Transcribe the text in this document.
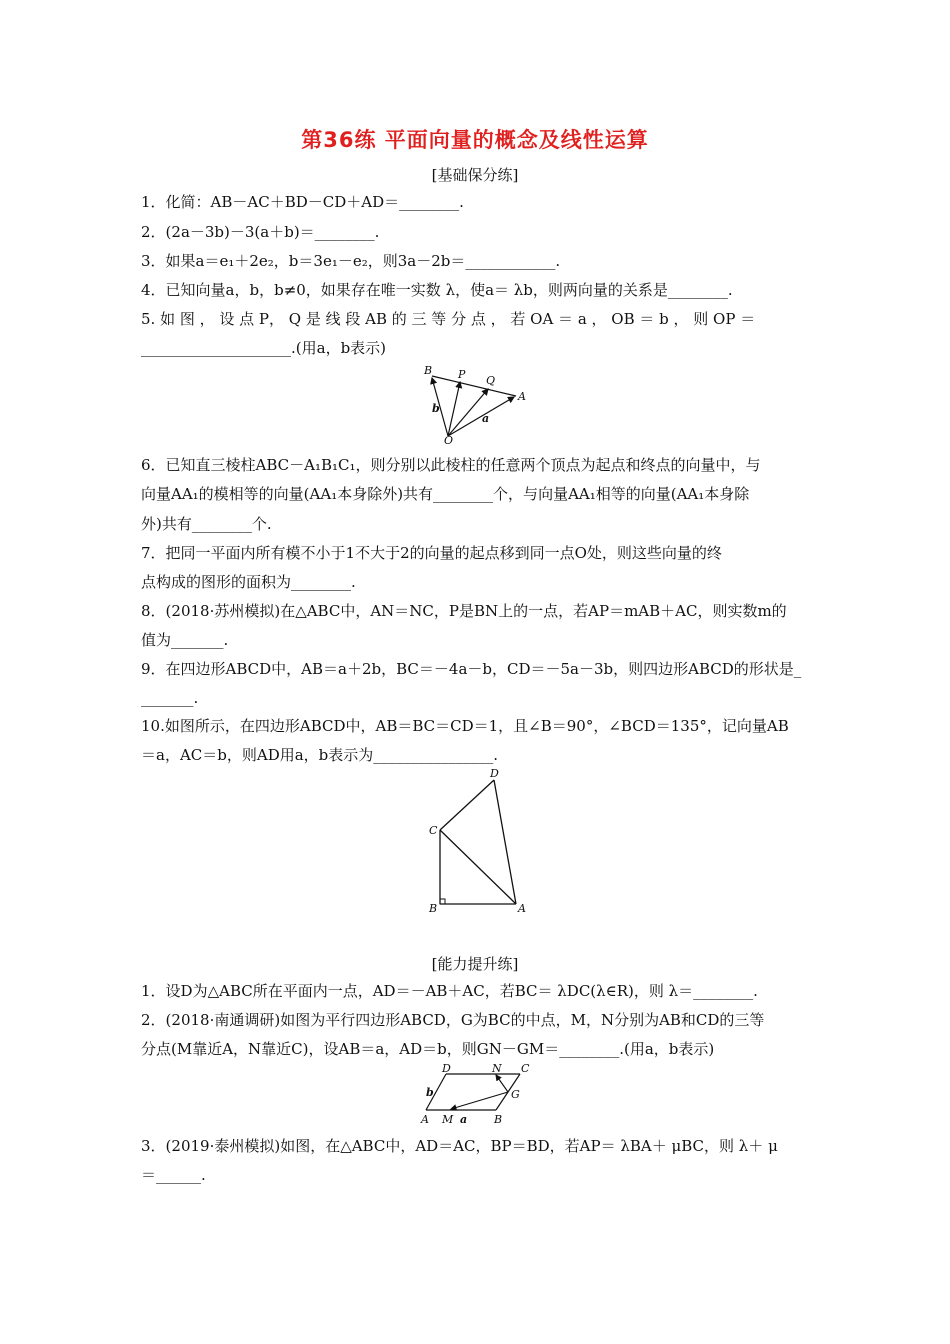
第36练 平面向量的概念及线性运算
[基础保分练]
1．化简：AB－AC＋BD－CD＋AD＝________.
2．(2a－3b)－3(a＋b)＝________.
3．如果a＝e₁＋2e₂，b＝3e₁－e₂，则3a－2b＝____________.
4．已知向量a，b，b≠0，如果存在唯一实数 λ，使a＝ λb，则两向量的关系是________.
5. 如 图 ， 设 点 P， Q 是 线 段 AB 的 三 等 分 点 ， 若 OA ＝ a ， OB ＝ b ， 则 OP ＝
____________________.(用a，b表示)
B P Q
A
O
b
a
6．已知直三棱柱ABC－A₁B₁C₁，则分别以此棱柱的任意两个顶点为起点和终点的向量中，与
向量AA₁的模相等的向量(AA₁本身除外)共有________个，与向量AA₁相等的向量(AA₁本身除
外)共有________个.
7．把同一平面内所有模不小于1不大于2的向量的起点移到同一点O处，则这些向量的终
点构成的图形的面积为________.
8．(2018·苏州模拟)在△ABC中，AN＝NC，P是BN上的一点，若AP＝mAB＋AC，则实数m的
值为_______.
9．在四边形ABCD中，AB＝a＋2b，BC＝－4a－b，CD＝－5a－3b，则四边形ABCD的形状是_
_______.
10.如图所示，在四边形ABCD中，AB＝BC＝CD＝1，且∠B＝90°，∠BCD＝135°，记向量AB
＝a，AC＝b，则AD用a，b表示为________________.
D
C
B	A
[能力提升练]
1．设D为△ABC所在平面内一点，AD＝－AB＋AC，若BC＝ λDC(λ∈R)，则 λ＝________.
2．(2018·南通调研)如图为平行四边形ABCD，G为BC的中点，M，N分别为AB和CD的三等
分点(M靠近A，N靠近C)，设AB＝a，AD＝b，则GN－GM＝________.(用a，b表示)
D	N C
b	G
A M a B
3．(2019·泰州模拟)如图，在△ABC中，AD＝AC，BP＝BD，若AP＝ λBA＋ μBC，则 λ＋ μ
＝______.
